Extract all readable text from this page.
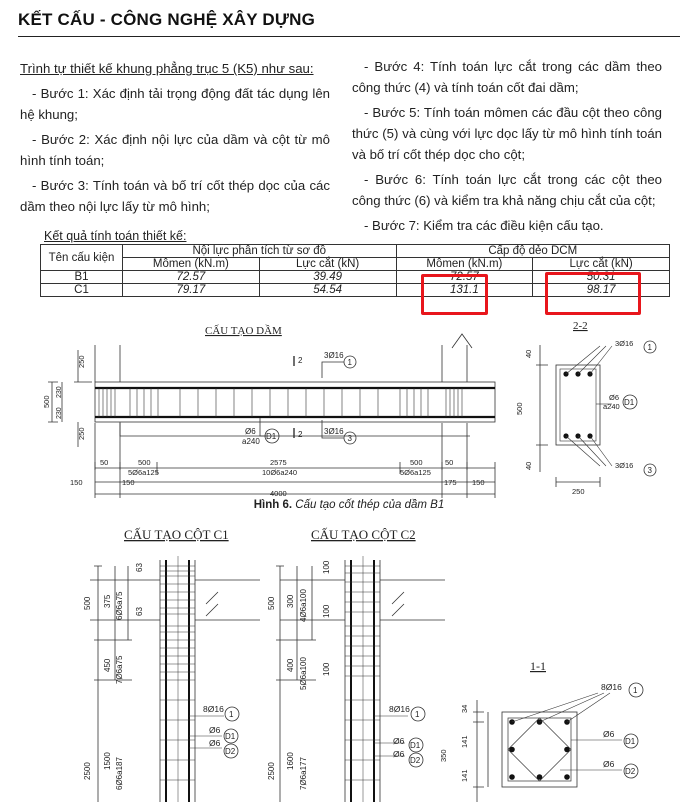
KẾT CẤU - CÔNG NGHỆ XÂY DỰNG

Trình tự thiết kế khung phẳng trục 5 (K5) như sau:

- Bước 1: Xác định tải trọng động đất tác dụng lên hệ khung;

- Bước 2: Xác định nội lực của dầm và cột từ mô hình tính toán;

- Bước 3: Tính toán và bố trí cốt thép dọc của các dầm theo nội lực lấy từ mô hình;

- Bước 4: Tính toán lực cắt trong các dầm theo công thức (4) và tính toán cốt đai dầm;

- Bước 5: Tính toán mômen các đầu cột theo công thức (5) và cùng với lực dọc lấy từ mô hình tính toán và bố trí cốt thép dọc cho cột;

- Bước 6: Tính toán lực cắt trong các cột theo công thức (6) và kiểm tra khả năng chịu cắt của cột;

- Bước 7: Kiểm tra các điều kiện cấu tạo.

Kết quả tính toán thiết kế:
Tên cấu kiện	Nội lực phân tích từ sơ đồ		Cấp độ dẻo DCM	
	Mômen (kN.m)	Lực cắt (kN)	Mômen (kN.m)	Lực cắt (kN)
B1	72.57	39.49	72.57	50.31
C1	79.17	54.54	131.1	98.17
CẤU TẠO DẦM
2
2
3Ø16
1
3Ø16
3
Ø6
a240
D1
250
500
230
230
250
50	500	2575	500	50
5Ø6a125	10Ø6a240	5Ø6a125
150	150	175 150
4000
2-2
3Ø16 1
Ø6
a240 D1
3Ø16
3
40
500
40
250
CẤU TẠO CỘT C1
500 375 6Ø6a75
63
63
450 7Ø6a75
2500
1500 6Ø6a187
8Ø16
1
Ø6
D1
Ø6
D2
CẤU TẠO CỘT C2
500 300 4Ø6a100
100
100
400 5Ø6a100 100
2500
1600 7Ø6a177
8Ø16
1
Ø6 D1
Ø6
D2
1-1
8Ø16 1
Ø6
D1
Ø6
D2
34
141
141
350
Hình 6. Cấu tạo cốt thép của dầm B1
